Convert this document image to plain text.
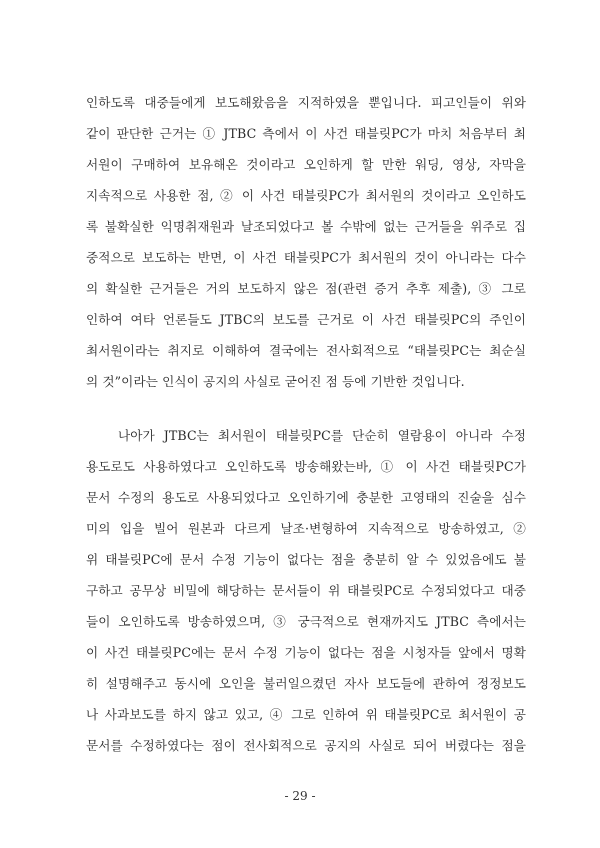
인하도록 대중들에게 보도해왔음을 지적하였을 뿐입니다. 피고인들이 위와
같이 판단한 근거는 ① JTBC 측에서 이 사건 태블릿PC가 마치 처음부터 최
서원이 구매하여 보유해온 것이라고 오인하게 할 만한 워딩, 영상, 자막을
지속적으로 사용한 점, ② 이 사건 태블릿PC가 최서원의 것이라고 오인하도
록 불확실한 익명취재원과 날조되었다고 볼 수밖에 없는 근거들을 위주로 집
중적으로 보도하는 반면, 이 사건 태블릿PC가 최서원의 것이 아니라는 다수
의 확실한 근거들은 거의 보도하지 않은 점(관련 증거 추후 제출), ③ 그로
인하여 여타 언론들도 JTBC의 보도를 근거로 이 사건 태블릿PC의 주인이
최서원이라는 취지로 이해하여 결국에는 전사회적으로 “태블릿PC는 최순실
의 것”이라는 인식이 공지의 사실로 굳어진 점 등에 기반한 것입니다.
나아가 JTBC는 최서원이 태블릿PC를 단순히 열람용이 아니라 수정
용도로도 사용하였다고 오인하도록 방송해왔는바, ① 이 사건 태블릿PC가
문서 수정의 용도로 사용되었다고 오인하기에 충분한 고영태의 진술을 심수
미의 입을 빌어 원본과 다르게 날조·변형하여 지속적으로 방송하였고, ②
위 태블릿PC에 문서 수정 기능이 없다는 점을 충분히 알 수 있었음에도 불
구하고 공무상 비밀에 해당하는 문서들이 위 태블릿PC로 수정되었다고 대중
들이 오인하도록 방송하였으며, ③ 궁극적으로 현재까지도 JTBC 측에서는
이 사건 태블릿PC에는 문서 수정 기능이 없다는 점을 시청자들 앞에서 명확
히 설명해주고 동시에 오인을 불러일으켰던 자사 보도들에 관하여 정정보도
나 사과보도를 하지 않고 있고, ④ 그로 인하여 위 태블릿PC로 최서원이 공
문서를 수정하였다는 점이 전사회적으로 공지의 사실로 되어 버렸다는 점을
- 29 -
